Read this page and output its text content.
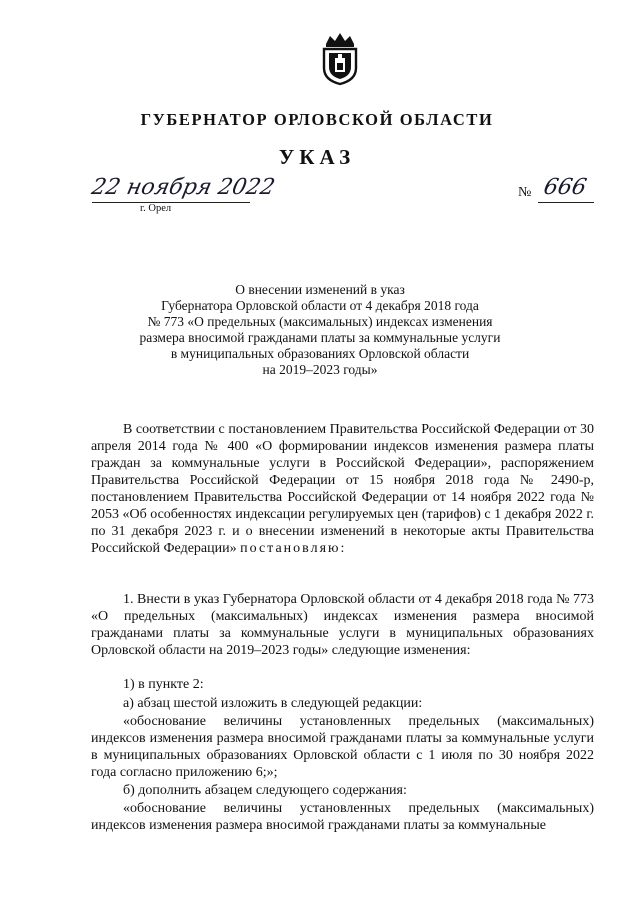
ГУБЕРНАТОР ОРЛОВСКОЙ ОБЛАСТИ
УКАЗ
22 ноября 2022
г. Орел
№ 666
О внесении изменений в указ
Губернатора Орловской области от 4 декабря 2018 года
№ 773 «О предельных (максимальных) индексах изменения
размера вносимой гражданами платы за коммунальные услуги
в муниципальных образованиях Орловской области
на 2019–2023 годы»

В соответствии с постановлением Правительства Российской Федерации от 30 апреля 2014 года № 400 «О формировании индексов изменения размера платы граждан за коммунальные услуги в Российской Федерации», распоряжением Правительства Российской Федерации от 15 ноября 2018 года № 2490-р, постановлением Правительства Российской Федерации от 14 ноября 2022 года № 2053 «Об особенностях индексации регулируемых цен (тарифов) с 1 декабря 2022 г. по 31 декабря 2023 г. и о внесении изменений в некоторые акты Правительства Российской Федерации» постановляю:

1. Внести в указ Губернатора Орловской области от 4 декабря 2018 года № 773 «О предельных (максимальных) индексах изменения размера вносимой гражданами платы за коммунальные услуги в муниципальных образованиях Орловской области на 2019–2023 годы» следующие изменения:

1) в пункте 2:
а) абзац шестой изложить в следующей редакции:

«обоснование величины установленных предельных (максимальных) индексов изменения размера вносимой гражданами платы за коммунальные услуги в муниципальных образованиях Орловской области с 1 июля по 30 ноября 2022 года согласно приложению 6;»;

б) дополнить абзацем следующего содержания:

«обоснование величины установленных предельных (максимальных) индексов изменения размера вносимой гражданами платы за коммунальные
